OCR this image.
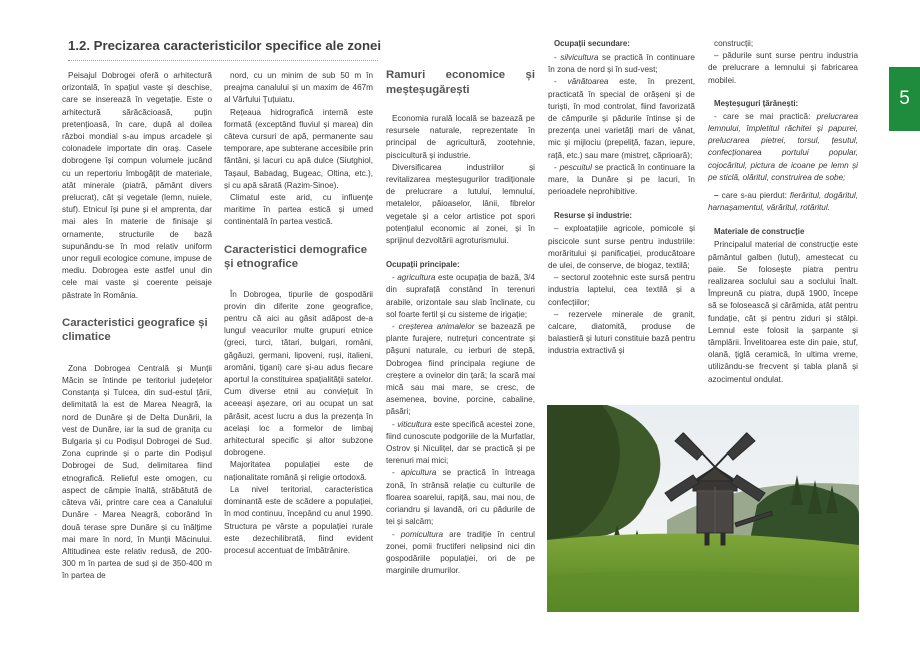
1.2. Precizarea caracteristicilor specifice ale zonei

Peisajul Dobrogei oferă o arhitectură orizontală, în spațiul vaste și deschise, care se inserează în vegetație. Este o arhitectură sărăcăcioasă, puțin pretențioasă, în care, după al doilea război mondial s-au impus arcadele și colonadele importate din oraș. Casele dobrogene își compun volumele jucând cu un repertoriu îmbogățit de materiale, atât minerale (piatră, pământ divers prelucrat), cât și vegetale (lemn, nuiele, stuf). Etnicul își pune și el amprenta, dar mai ales în materie de finisaje și ornamente, structurile de bază supunându-se în mod relativ uniform unor reguli ecologice comune, impuse de mediu. Dobrogea este astfel unul din cele mai vaste și coerente peisaje păstrate în România.

Caracteristici geografice și climatice

Zona Dobrogea Centrală și Munții Măcin se întinde pe teritoriul județelor Constanța și Tulcea, din sud-estul țării, delimitată la est de Marea Neagră, la nord de Dunăre și de Delta Dunării, la vest de Dunăre, iar la sud de granița cu Bulgaria și cu Podișul Dobrogei de Sud. Zona cuprinde și o parte din Podișul Dobrogei de Sud, delimitarea fiind etnografică. Relieful este omogen, cu aspect de câmpie înaltă, străbătută de câteva văi, printre care cea a Canalului Dunăre - Marea Neagră, coborând în două terase spre Dunăre și cu înălțime mai mare în nord, în Munții Măcinului. Altitudinea este relativ redusă, de 200-300 m în partea de sud și de 350-400 m în partea de

nord, cu un minim de sub 50 m în preajma canalului și un maxim de 467m al Vârfului Țuțuiatu.

Rețeaua hidrografică internă este formată (exceptând fluviul și marea) din câteva cursuri de apă, permanente sau temporare, ape subterane accesibile prin fântâni, și lacuri cu apă dulce (Siutghiol, Tașaul, Babadag, Bugeac, Oltina, etc.), și cu apă sărată (Razim-Sinoe).

Climatul este arid, cu influențe maritime în partea estică și umed continentală în partea vestică.

Caracteristici demografice și etnografice

În Dobrogea, tipurile de gospodării provin din diferite zone geografice, pentru că aici au găsit adăpost de-a lungul veacurilor multe grupuri etnice (greci, turci, tătari, bulgari, români, găgăuzi, germani, lipoveni, ruși, italieni, aromâni, țigani) care și-au adus fiecare aportul la constituirea spațialității satelor. Cum diverse etnii au conviețuit în aceeași așezare, ori au ocupat un sat părăsit, acest lucru a dus la prezența în același loc a formelor de limbaj arhitectural specific și altor subzone dobrogene.

Majoritatea populației este de naționalitate română și religie ortodoxă.

La nivel teritorial, caracteristica dominantă este de scădere a populației, în mod continuu, începând cu anul 1990. Structura pe vârste a populației rurale este dezechilibrată, fiind evident procesul accentuat de îmbătrânire.

Ramuri economice și meșteșugărești

Economia rurală locală se bazează pe resursele naturale, reprezentate în principal de agricultură, zootehnie, piscicultură și industrie.

Diversificarea industriilor și revitalizarea meșteșugurilor tradiționale de prelucrare a lutului, lemnului, metalelor, păioaselor, lânii, fibrelor vegetale și a celor artistice pot spori potențialul economic al zonei, și în sprijinul dezvoltării agroturismului.

Ocupații principale:

- agricultura este ocupația de bază, 3/4 din suprafață constând în terenuri arabile, orizontale sau slab înclinate, cu sol foarte fertil și cu sisteme de irigație;

- creșterea animalelor se bazează pe plante furajere, nutrețuri concentrate și pășuni naturale, cu ierburi de stepă, Dobrogea fiind principala regiune de creștere a ovinelor din țară; la scară mai mică sau mai mare, se cresc, de asemenea, bovine, porcine, cabaline, păsări;

- viticultura este specifică acestei zone, fiind cunoscute podgoriile de la Murfatlar, Ostrov și Niculițel, dar se practică și pe terenuri mai mici;

- apicultura se practică în întreaga zonă, în strânsă relație cu culturile de floarea soarelui, rapiță, sau, mai nou, de coriandru și lavandă, ori cu pădurile de tei și salcâm;

- pomicultura are tradiție în centrul zonei, pomii fructiferi nelipsind nici din gospodăriile populației, ori de pe marginile drumurilor.

Ocupații secundare:

- silvicultura se practică în continuare în zona de nord și în sud-vest;

- vânătoarea este, în prezent, practicată în special de orășeni și de turiști, în mod controlat, fiind favorizată de câmpurile și pădurile întinse și de prezența unei varietăți mari de vânat, mic și mijlociu (prepeliță, fazan, iepure, rață, etc.) sau mare (mistreț, căprioară);

- pescuitul se practică în continuare la mare, la Dunăre și pe lacuri, în perioadele neprohibitive.

Resurse și industrie:

– exploatațiile agricole, pomicole și piscicole sunt surse pentru industriile: morăritului și panificației, producătoare de ulei, de conserve, de biogaz, textilă;

– sectorul zootehnic este sursă pentru industria laptelui, cea textilă și a confecțiilor;

– rezervele minerale de granit, calcare, diatomită, produse de balastieră și luturi constituie bază pentru industria extractivă și

construcții;

– pădurile sunt surse pentru industria de prelucrare a lemnului și fabricarea mobilei.

Meșteșuguri țărănești:

- care se mai practică: prelucrarea lemnului, împletitul răchitei și papurei, prelucrarea pietrei, torsul, țesutul, confecționarea portului popular, cojocăritul, pictura de icoane pe lemn și pe sticlă, olăritul, construirea de sobe;

– care s-au pierdut: fierăritul, dogăritul, harnașamentul, vărăritul, rotăritul.

Materiale de construcție

Principalul material de construcție este pământul galben (lutul), amestecat cu paie. Se folosește piatra pentru realizarea soclului sau a soclului înalt. Împreună cu piatra, după 1900, începe să se folosească și cărămida, atât pentru fundație, cât și pentru ziduri și stâlpi. Lemnul este folosit la șarpante și tâmplării. Învelitoarea este din paie, stuf, olană, țiglă ceramică, în ultima vreme, utilizându-se frecvent și tabla plană și azocimentul ondulat.

5
